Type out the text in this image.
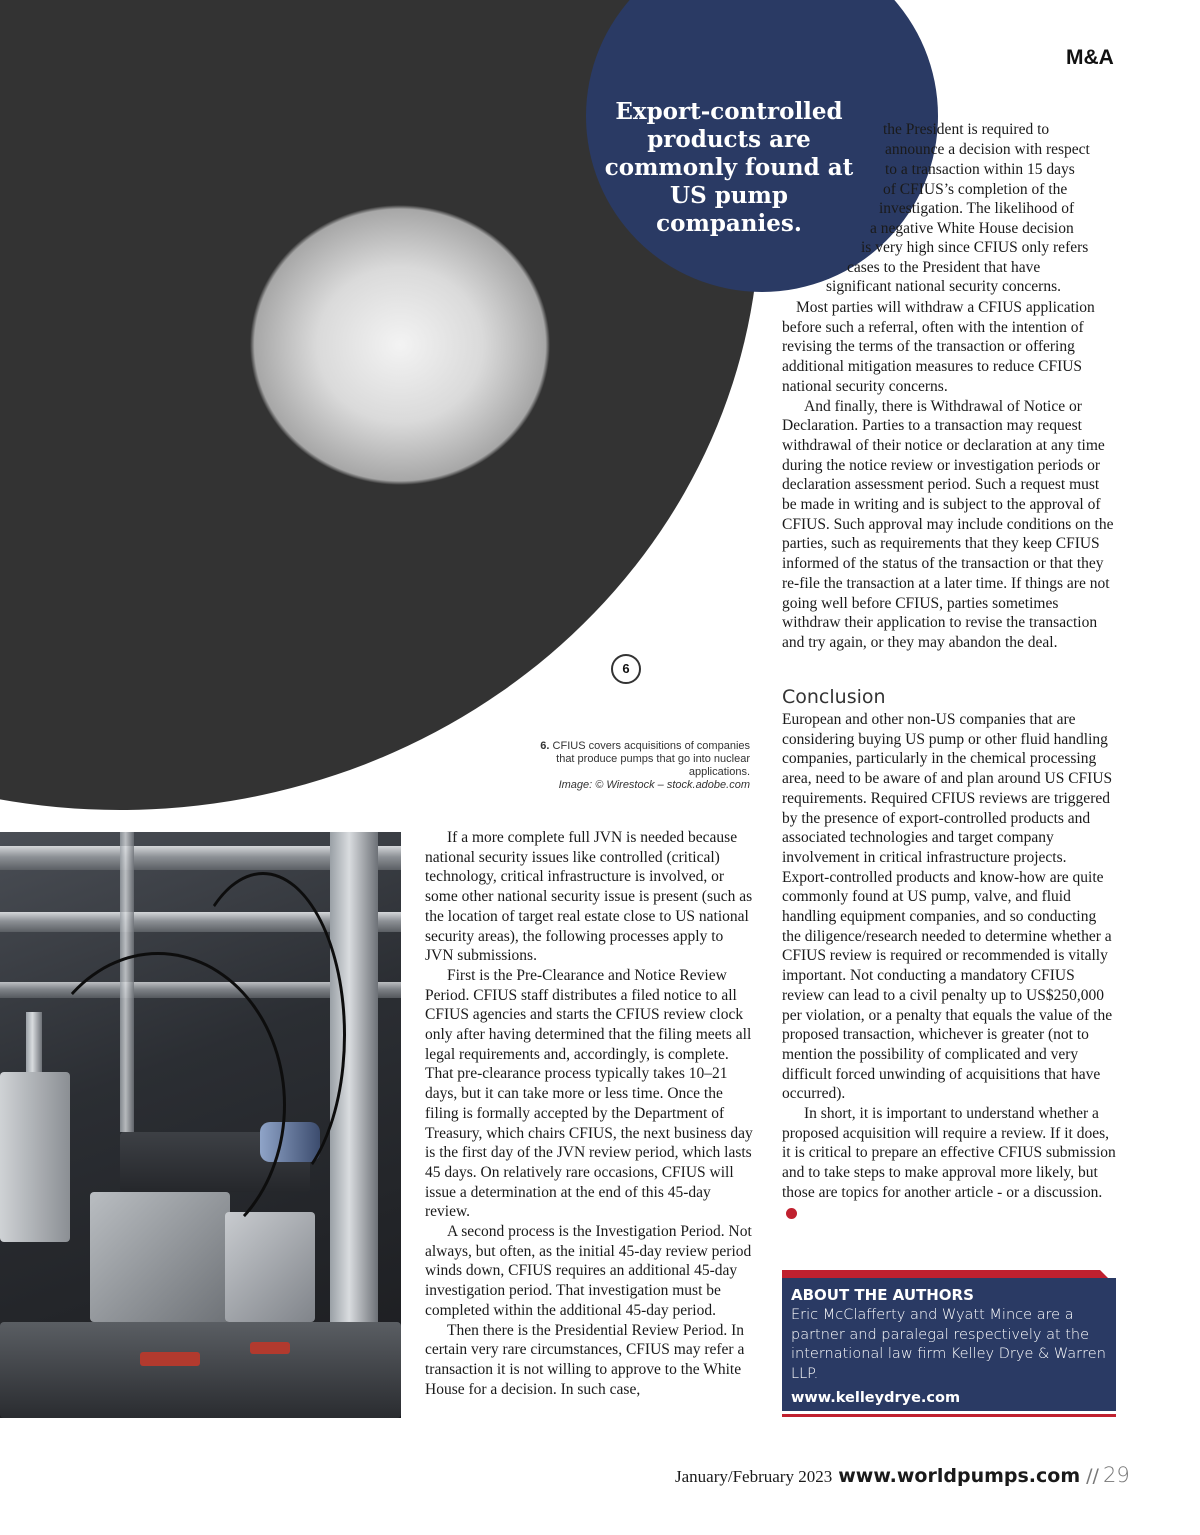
Export-controlled products are commonly found at US pump companies.
M&A
6
6. CFIUS covers acquisitions of companies that produce pumps that go into nuclear applications.
Image: © Wirestock – stock.adobe.com
the President is required to
announce a decision with respect
to a transaction within 15 days
of CFIUS’s completion of the
investigation. The likelihood of
a negative White House decision
is very high since CFIUS only refers
cases to the President that have
significant national security concerns.

Most parties will withdraw a CFIUS application before such a referral, often with the intention of revising the terms of the transaction or offering additional mitigation measures to reduce CFIUS national security concerns.

And finally, there is Withdrawal of Notice or Declaration. Parties to a transaction may request withdrawal of their notice or declaration at any time during the notice review or investigation periods or declaration assessment period. Such a request must be made in writing and is subject to the approval of CFIUS. Such approval may include conditions on the parties, such as requirements that they keep CFIUS informed of the status of the transaction or that they re-file the transaction at a later time. If things are not going well before CFIUS, parties sometimes withdraw their application to revise the transaction and try again, or they may abandon the deal.

Conclusion

European and other non-US companies that are considering buying US pump or other fluid handling companies, particularly in the chemical processing area, need to be aware of and plan around US CFIUS requirements. Required CFIUS reviews are triggered by the presence of export-controlled products and associated technologies and target company involvement in critical infrastructure projects. Export-controlled products and know-how are quite commonly found at US pump, valve, and fluid handling equipment companies, and so conducting the diligence/research needed to determine whether a CFIUS review is required or recommended is vitally important. Not conducting a mandatory CFIUS review can lead to a civil penalty up to US$250,000 per violation, or a penalty that equals the value of the proposed transaction, whichever is greater (not to mention the possibility of complicated and very difficult forced unwinding of acquisitions that have occurred).

In short, it is important to understand whether a proposed acquisition will require a review. If it does, it is critical to prepare an effective CFIUS submission and to take steps to make approval more likely, but those are topics for another article - or a discussion.

If a more complete full JVN is needed because national security issues like controlled (critical) technology, critical infrastructure is involved, or some other national security issue is present (such as the location of target real estate close to US national security areas), the following processes apply to JVN submissions.

First is the Pre-Clearance and Notice Review Period. CFIUS staff distributes a filed notice to all CFIUS agencies and starts the CFIUS review clock only after having determined that the filing meets all legal requirements and, accordingly, is complete. That pre-clearance process typically takes 10–21 days, but it can take more or less time. Once the filing is formally accepted by the Department of Treasury, which chairs CFIUS, the next business day is the first day of the JVN review period, which lasts 45 days. On relatively rare occasions, CFIUS will issue a determination at the end of this 45-day review.

A second process is the Investigation Period. Not always, but often, as the initial 45-day review period winds down, CFIUS requires an additional 45-day investigation period. That investigation must be completed within the additional 45-day period.

Then there is the Presidential Review Period. In certain very rare circumstances, CFIUS may refer a transaction it is not willing to approve to the White House for a decision. In such case,

ABOUT THE AUTHORS
Eric McClafferty and Wyatt Mince are a partner and paralegal respectively at the international law firm Kelley Drye & Warren LLP.
www.kelleydrye.com
January/February 2023 www.worldpumps.com // 29
